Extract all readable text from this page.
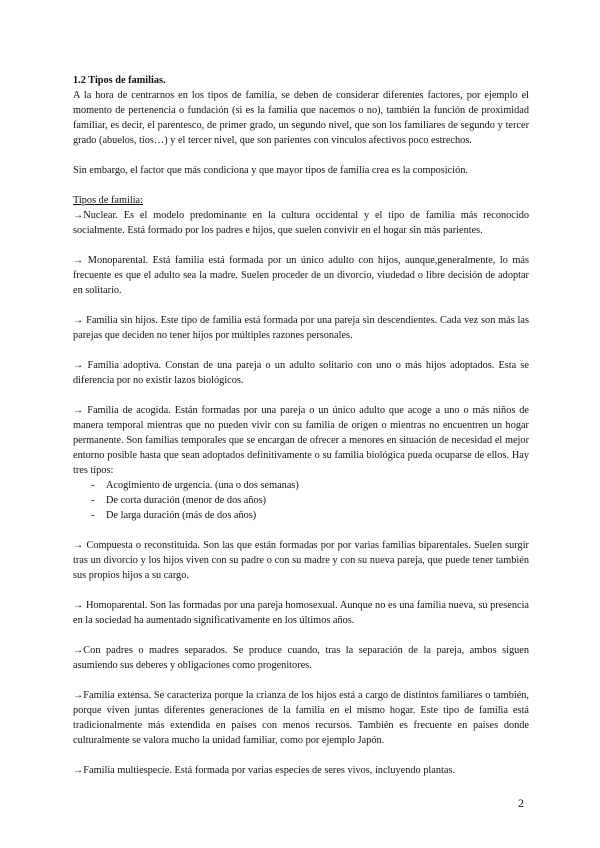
1.2 Tipos de familias.

A la hora de centrarnos en los tipos de familia, se deben de considerar diferentes factores, por ejemplo el momento de pertenencia o fundación (si es la familia que nacemos o no), también la función de proximidad familiar, es decir, el parentesco, de primer grado, un segundo nivel, que son los familiares de segundo y tercer grado (abuelos, tíos…) y el tercer nivel, que son parientes con vínculos afectivos poco estrechos.

Sin embargo, el factor que más condiciona y que mayor tipos de familia crea es la composición.

Tipos de familia:

→Nuclear. Es el modelo predominante en la cultura occidental y el tipo de familia más reconocido socialmente. Está formado por los padres e hijos, que suelen convivir en el hogar sin más parientes.

→ Monoparental. Está familia está formada por un único adulto con hijos, aunque,generalmente, lo más frecuente es que el adulto sea la madre. Suelen proceder de un divorcio, viudedad o libre decisión de adoptar en solitario.

→ Familia sin hijos. Este tipo de familia está formada por una pareja sin descendientes. Cada vez son más las parejas que deciden no tener hijos por múltiples razones personales.

→ Familia adoptiva. Constan de una pareja o un adulto solitario con uno o más hijos adoptados. Esta se diferencia por no existir lazos biológicos.

→ Familia de acogida. Están formadas por una pareja o un único adulto que acoge a uno o más niños de manera temporal mientras que no pueden vivir con su familia de origen o mientras no encuentren un hogar permanente. Son familias temporales que se encargan de ofrecer a menores en situación de necesidad el mejor entorno posible hasta que sean adoptados definitivamente o su familia biológica pueda ocuparse de ellos. Hay tres tipos:

- Acogimiento de urgencia. (una o dos semanas)
- De corta duración (menor de dos años)
- De larga duración (más de dos años)

→ Compuesta o reconstituida. Son las que están formadas por por varias familias biparentales. Suelen surgir tras un divorcio y los hijos viven con su padre o con su madre y con su nueva pareja, que puede tener también sus propios hijos a su cargo.

→ Homoparental. Son las formadas por una pareja homosexual. Aunque no es una familia nueva, su presencia en la sociedad ha aumentado significativamente en los últimos años.

→Con padres o madres separados. Se produce cuando, tras la separación de la pareja, ambos siguen asumiendo sus deberes y obligaciones como progenitores.

→Familia extensa. Se caracteriza porque la crianza de los hijos está a cargo de distintos familiares o también, porque viven juntas diferentes generaciones de la familia en el mismo hogar. Este tipo de familia está tradicionalmente más extendida en países con menos recursos. También es frecuente en países donde culturalmente se valora mucho la unidad familiar, como por ejemplo Japón.

→Familia multiespecie. Está formada por varias especies de seres vivos, incluyendo plantas.

2
